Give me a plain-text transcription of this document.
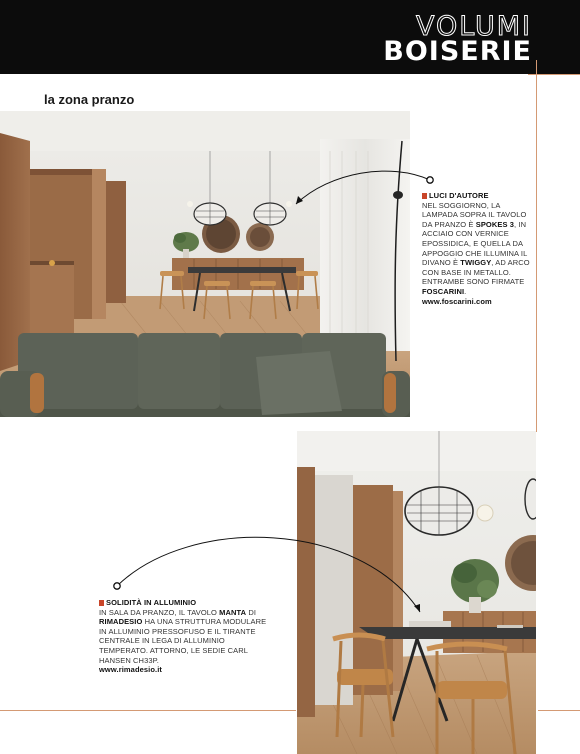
VOLUMI
BOISERIE
la zona pranzo
LUCI D'AUTORE
NEL SOGGIORNO, LA LAMPADA SOPRA IL TAVOLO DA PRANZO È SPOKES 3, IN ACCIAIO CON VERNICE EPOSSIDICA, E QUELLA DA APPOGGIO CHE ILLUMINA IL DIVANO È TWIGGY, AD ARCO CON BASE IN METALLO. ENTRAMBE SONO FIRMATE FOSCARINI.
www.foscarini.com
SOLIDITÀ IN ALLUMINIO
IN SALA DA PRANZO, IL TAVOLO MANTA DI RIMADESIO HA UNA STRUTTURA MODULARE IN ALLUMINIO PRESSOFUSO E IL TIRANTE CENTRALE IN LEGA DI ALLUMINIO TEMPERATO. ATTORNO, LE SEDIE CARL HANSEN CH33P.
www.rimadesio.it
